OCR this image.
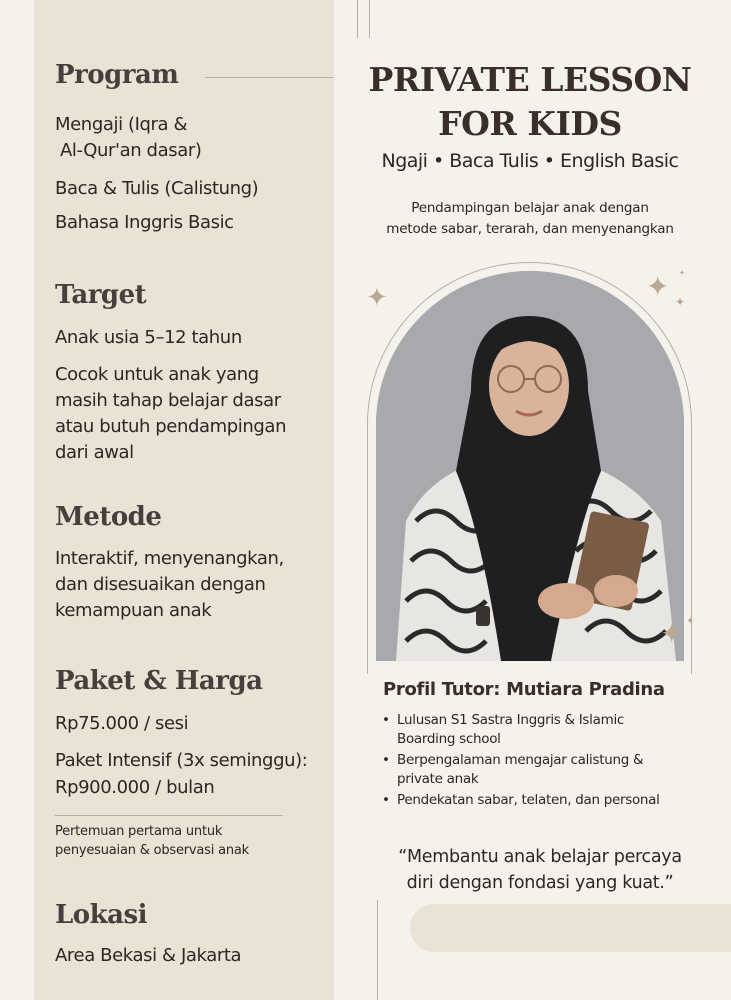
Program

Mengaji (Iqra &

Al-Qur'an dasar)

Baca & Tulis (Calistung)

Bahasa Inggris Basic

Target

Anak usia 5–12 tahun

Cocok untuk anak yang

masih tahap belajar dasar

atau butuh pendampingan

dari awal

Metode

Interaktif, menyenangkan,

dan disesuaikan dengan

kemampuan anak

Paket & Harga

Rp75.000 / sesi

Paket Intensif (3x seminggu):

Rp900.000 / bulan

Pertemuan pertama untuk

penyesuaian & observasi anak

Lokasi

Area Bekasi & Jakarta

PRIVATE LESSON
FOR KIDS

Ngaji • Baca Tulis • English Basic

Pendampingan belajar anak dengan
metode sabar, terarah, dan menyenangkan

✦	✦ ✦
✦
✦ ✦
Profil Tutor: Mutiara Pradina
• Lulusan S1 Sastra Inggris & Islamic
Boarding school
• Berpengalaman mengajar calistung &
private anak
• Pendekatan sabar, telaten, dan personal

“Membantu anak belajar percaya
diri dengan fondasi yang kuat.”
